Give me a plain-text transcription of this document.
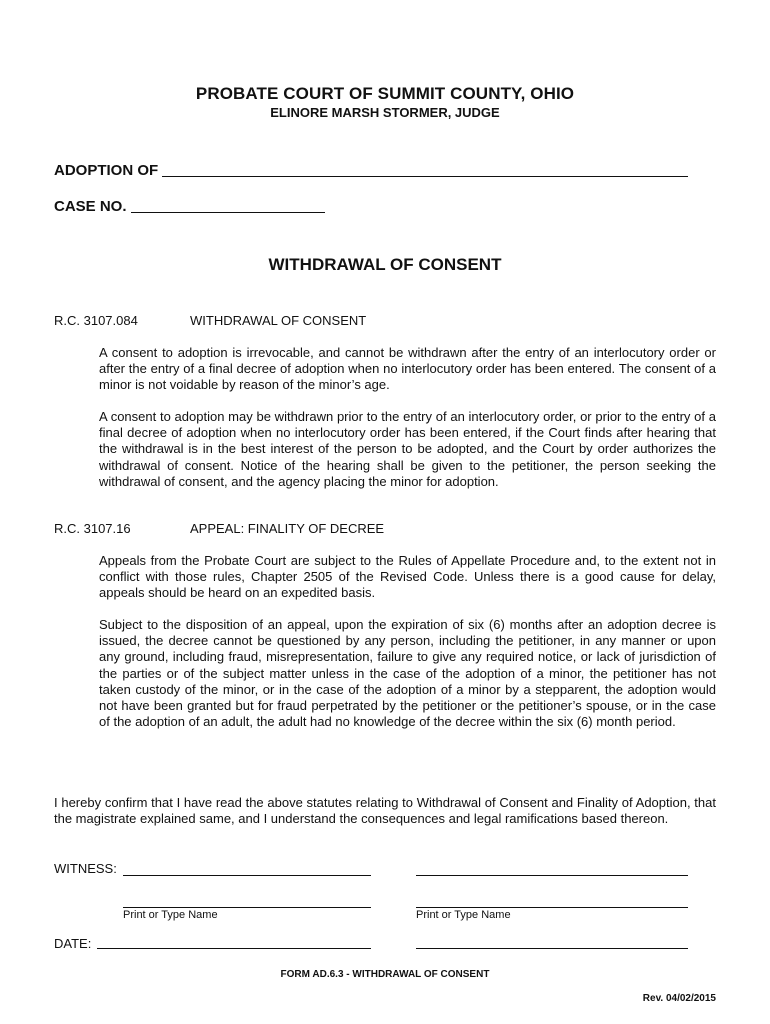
PROBATE COURT OF SUMMIT COUNTY, OHIO
ELINORE MARSH STORMER, JUDGE
ADOPTION OF
CASE NO.
WITHDRAWAL OF CONSENT
R.C. 3107.084	WITHDRAWAL OF CONSENT

A consent to adoption is irrevocable, and cannot be withdrawn after the entry of an interlocutory order or after the entry of a final decree of adoption when no interlocutory order has been entered. The consent of a minor is not voidable by reason of the minor’s age.

A consent to adoption may be withdrawn prior to the entry of an interlocutory order, or prior to the entry of a final decree of adoption when no interlocutory order has been entered, if the Court finds after hearing that the withdrawal is in the best interest of the person to be adopted, and the Court by order authorizes the withdrawal of consent. Notice of the hearing shall be given to the petitioner, the person seeking the withdrawal of consent, and the agency placing the minor for adoption.

R.C. 3107.16	APPEAL: FINALITY OF DECREE

Appeals from the Probate Court are subject to the Rules of Appellate Procedure and, to the extent not in conflict with those rules, Chapter 2505 of the Revised Code. Unless there is a good cause for delay, appeals should be heard on an expedited basis.

Subject to the disposition of an appeal, upon the expiration of six (6) months after an adoption decree is issued, the decree cannot be questioned by any person, including the petitioner, in any manner or upon any ground, including fraud, misrepresentation, failure to give any required notice, or lack of jurisdiction of the parties or of the subject matter unless in the case of the adoption of a minor, the petitioner has not taken custody of the minor, or in the case of the adoption of a minor by a stepparent, the adoption would not have been granted but for fraud perpetrated by the petitioner or the petitioner’s spouse, or in the case of the adoption of an adult, the adult had no knowledge of the decree within the six (6) month period.

I hereby confirm that I have read the above statutes relating to Withdrawal of Consent and Finality of Adoption, that the magistrate explained same, and I understand the consequences and legal ramifications based thereon.

WITNESS:
Print or Type Name	Print or Type Name
DATE:
FORM AD.6.3 - WITHDRAWAL OF CONSENT
Rev. 04/02/2015
